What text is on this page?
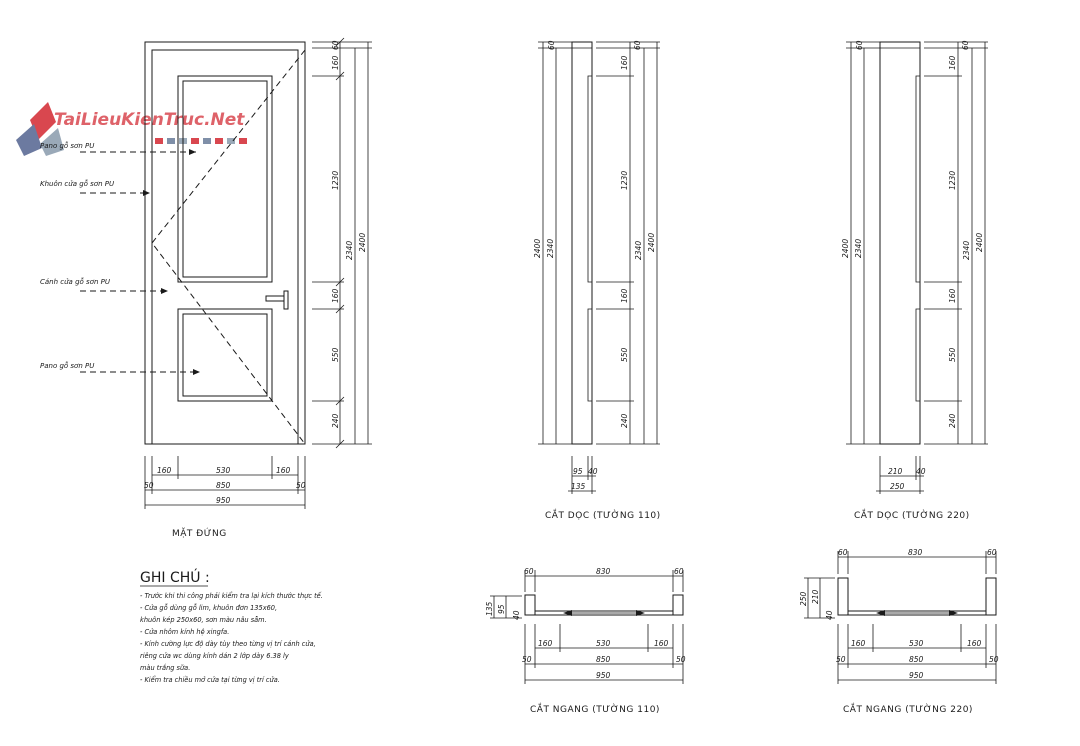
TaiLieuKienTruc.Net
Pano gỗ sơn PU
Khuôn cửa gỗ sơn PU
Cánh cửa gỗ sơn PU
Pano gỗ sơn PU
60
160
1230
160
550
240
2340 2400
160	530	160
50	850	50
950
MẶT ĐỨNG
60
2400 2340
60
160
1230
160
550
240
2340 2400
95 40
135
CẮT DỌC (TƯỜNG 110)
60
2400 2340
60
160
1230
160
550
240
2340 2400
210 40
250
CẮT DỌC (TƯỜNG 220)
GHI CHÚ :
- Trước khi thi công phải kiểm tra lại kích thước thực tế.
- Cửa gỗ dùng gỗ lim, khuôn đơn 135x60,
khuôn kép 250x60, sơn màu nâu sẫm.
- Cửa nhôm kính hệ xingfa.
- Kính cường lực độ dày tùy theo từng vị trí cánh cửa,
riêng cửa wc dùng kính dán 2 lớp dày 6.38 ly
màu trắng sữa.
- Kiểm tra chiều mở cửa tại từng vị trí cửa.
60	830	60
135 95
40
160	530	160
50	850	50
950
CẮT NGANG (TƯỜNG 110)
60	830	60
250 210
40
160	530	160
50	850	50
950
CẮT NGANG (TƯỜNG 220)
